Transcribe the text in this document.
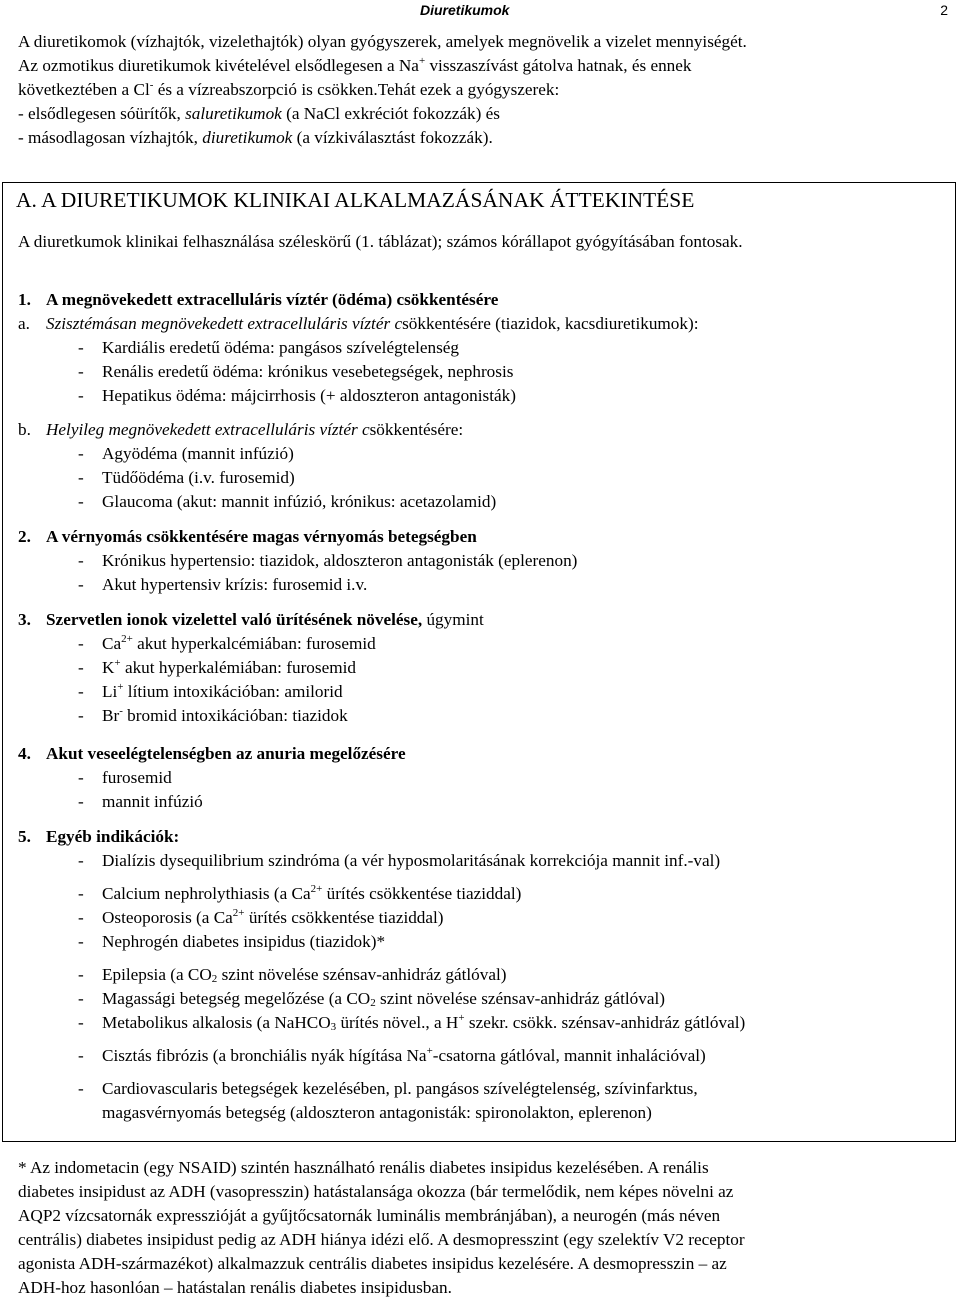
Diuretikumok	2

A diuretikomok (vízhajtók, vizelethajtók) olyan gyógyszerek, amelyek megnövelik a vizelet mennyiségét.

Az ozmotikus diuretikumok kivételével elsődlegesen a Na+ visszaszívást gátolva hatnak, és ennek

következtében a Cl- és a vízreabszorpció is csökken.Tehát ezek a gyógyszerek:

- elsődlegesen sóürítők, saluretikumok (a NaCl exkréciót fokozzák) és

- másodlagosan vízhajtók, diuretikumok (a vízkiválasztást fokozzák).

A. A DIURETIKUMOK KLINIKAI ALKALMAZÁSÁNAK ÁTTEKINTÉSE
A diuretkumok klinikai felhasználása széleskörű (1. táblázat); számos kórállapot gyógyításában fontosak.
1. A megnövekedett extracelluláris víztér (ödéma) csökkentésére
a. Szisztémásan megnövekedett extracelluláris víztér csökkentésére (tiazidok, kacsdiuretikumok):
- Kardiális eredetű ödéma: pangásos szívelégtelenség
- Renális eredetű ödéma: krónikus vesebetegségek, nephrosis
- Hepatikus ödéma: májcirrhosis (+ aldoszteron antagonisták)
b. Helyileg megnövekedett extracelluláris víztér csökkentésére:
- Agyödéma (mannit infúzió)
- Tüdőödéma (i.v. furosemid)
- Glaucoma (akut: mannit infúzió, krónikus: acetazolamid)
2. A vérnyomás csökkentésére magas vérnyomás betegségben
- Krónikus hypertensio: tiazidok, aldoszteron antagonisták (eplerenon)
- Akut hypertensiv krízis: furosemid i.v.
3. Szervetlen ionok vizelettel való ürítésének növelése, úgymint
- $Ca^{2+}$ akut hyperkalcémiában: furosemid
- K+ akut hyperkalémiában: furosemid
- Li+ lítium intoxikációban: amilorid
- Br- bromid intoxikációban: tiazidok
4. Akut veseelégtelenségben az anuria megelőzésére
- furosemid
- mannit infúzió
5. Egyéb indikációk:
- Dialízis dysequilibrium szindróma (a vér hyposmolaritásának korrekciója mannit inf.-val)
- Calcium nephrolythiasis (a $Ca^{2+}$ ürítés csökkentése tiaziddal)
- Osteoporosis (a $Ca^{2+}$ ürítés csökkentése tiaziddal)
- Nephrogén diabetes insipidus (tiazidok)*
- Epilepsia (a $CO_2$ szint növelése szénsav-anhidráz gátlóval)
- Magassági betegség megelőzése (a $CO_2$ szint növelése szénsav-anhidráz gátlóval)
- Metabolikus alkalosis (a NaHCO$_3$ ürítés növel., a H+ szekr. csökk. szénsav-anhidráz gátlóval)
- Cisztás fibrózis (a bronchiális nyák hígítása Na+-csatorna gátlóval, mannit inhalációval)
- Cardiovascularis betegségek kezelésében, pl. pangásos szívelégtelenség, szívinfarktus,
magasvérnyomás betegség (aldoszteron antagonisták: spironolakton, eplerenon)

* Az indometacin (egy NSAID) szintén használható renális diabetes insipidus kezelésében. A renális

diabetes insipidust az ADH (vasopresszin) hatástalansága okozza (bár termelődik, nem képes növelni az

AQP2 vízcsatornák expresszióját a gyűjtőcsatornák luminális membránjában), a neurogén (más néven

centrális) diabetes insipidust pedig az ADH hiánya idézi elő. A desmopresszint (egy szelektív V2 receptor

agonista ADH-származékot) alkalmazzuk centrális diabetes insipidus kezelésére. A desmopresszin – az

ADH-hoz hasonlóan – hatástalan renális diabetes insipidusban.
